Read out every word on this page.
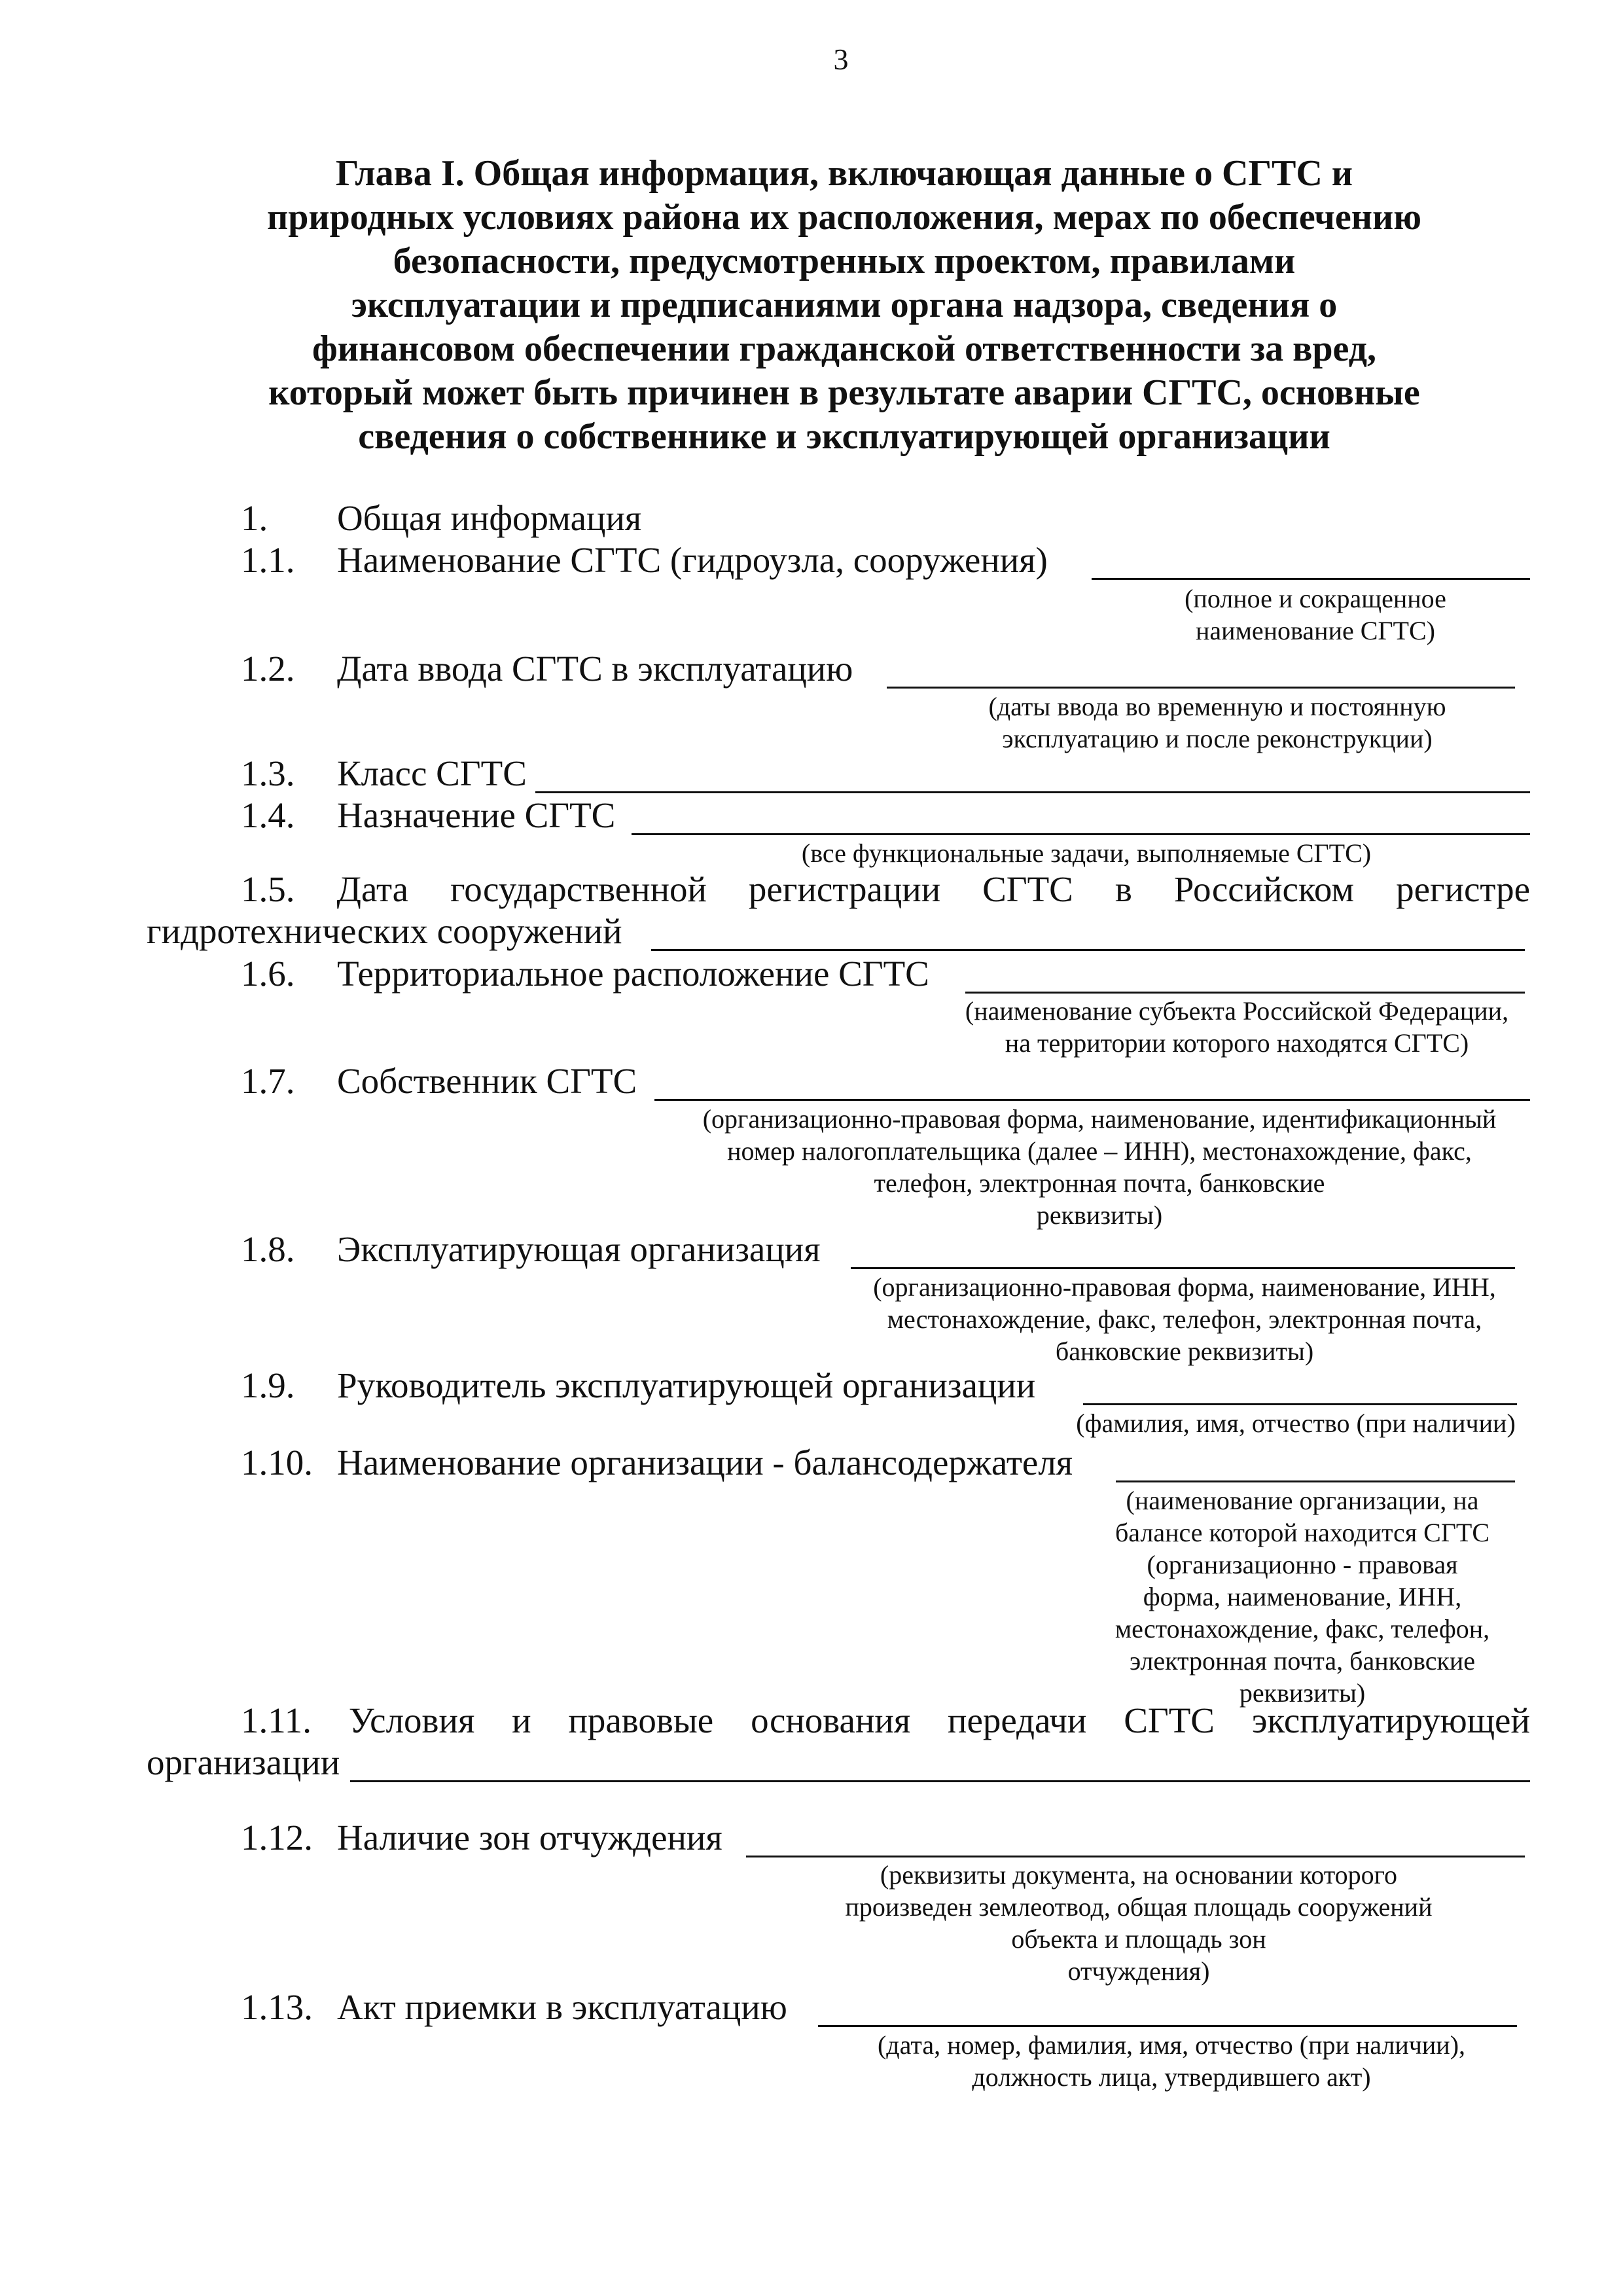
3
Глава I. Общая информация, включающая данные о СГТС и
природных условиях района их расположения, мерах по обеспечению
безопасности, предусмотренных проектом, правилами
эксплуатации и предписаниями органа надзора, сведения о
финансовом обеспечении гражданской ответственности за вред,
который может быть причинен в результате аварии СГТС, основные
сведения о собственнике и эксплуатирующей организации
1. Общая информация
1.1. Наименование СГТС (гидроузла, сооружения)
(полное и сокращенное
наименование СГТС)
1.2. Дата ввода СГТС в эксплуатацию
(даты ввода во временную и постоянную
эксплуатацию и после реконструкции)
1.3. Класс СГТС
1.4. Назначение СГТС
(все функциональные задачи, выполняемые СГТС)
1.5. Дата государственной регистрации СГТС в Российском регистре
гидротехнических сооружений
1.6. Территориальное расположение СГТС
(наименование субъекта Российской Федерации,
на территории которого находятся СГТС)
1.7. Собственник СГТС
(организационно-правовая форма, наименование, идентификационный
номер налогоплательщика (далее – ИНН), местонахождение, факс,
телефон, электронная почта, банковские
реквизиты)
1.8. Эксплуатирующая организация
(организационно-правовая форма, наименование, ИНН,
местонахождение, факс, телефон, электронная почта,
банковские реквизиты)
1.9. Руководитель эксплуатирующей организации
(фамилия, имя, отчество (при наличии)
1.10. Наименование организации - балансодержателя
(наименование организации, на
балансе которой находится СГТС
(организационно - правовая
форма, наименование, ИНН,
местонахождение, факс, телефон,
электронная почта, банковские
реквизиты)
1.11. Условия и правовые основания передачи СГТС эксплуатирующей
организации
1.12. Наличие зон отчуждения
(реквизиты документа, на основании которого
произведен землеотвод, общая площадь сооружений
объекта и площадь зон
отчуждения)
1.13. Акт приемки в эксплуатацию
(дата, номер, фамилия, имя, отчество (при наличии),
должность лица, утвердившего акт)
